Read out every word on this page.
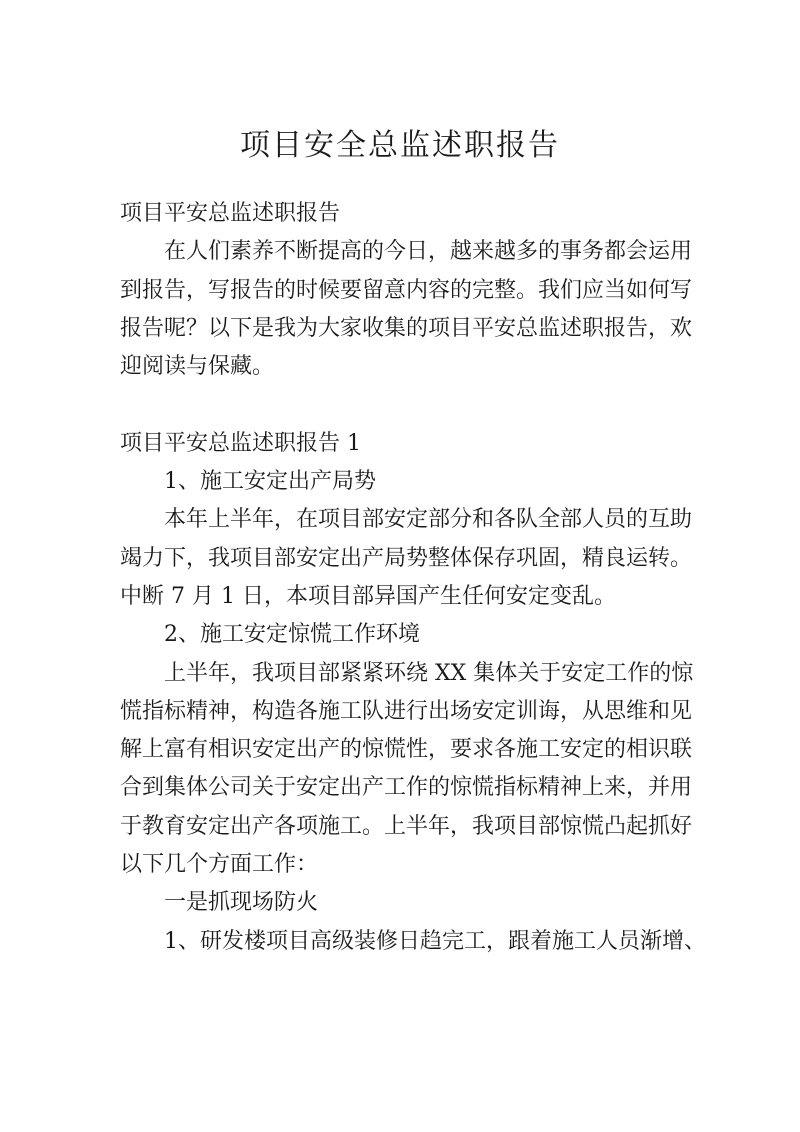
项目安全总监述职报告
项目平安总监述职报告
在人们素养不断提高的今日，越来越多的事务都会运用
到报告，写报告的时候要留意内容的完整。我们应当如何写
报告呢？以下是我为大家收集的项目平安总监述职报告，欢
迎阅读与保藏。
项目平安总监述职报告 1
1、施工安定出产局势
本年上半年，在项目部安定部分和各队全部人员的互助
竭力下，我项目部安定出产局势整体保存巩固，精良运转。
中断 7 月 1 日，本项目部异国产生任何安定变乱。
2、施工安定惊慌工作环境
上半年，我项目部紧紧环绕 XX 集体关于安定工作的惊
慌指标精神，构造各施工队进行出场安定训诲，从思维和见
解上富有相识安定出产的惊慌性，要求各施工安定的相识联
合到集体公司关于安定出产工作的惊慌指标精神上来，并用
于教育安定出产各项施工。上半年，我项目部惊慌凸起抓好
以下几个方面工作：
一是抓现场防火
1、研发楼项目高级装修日趋完工，跟着施工人员渐增、
